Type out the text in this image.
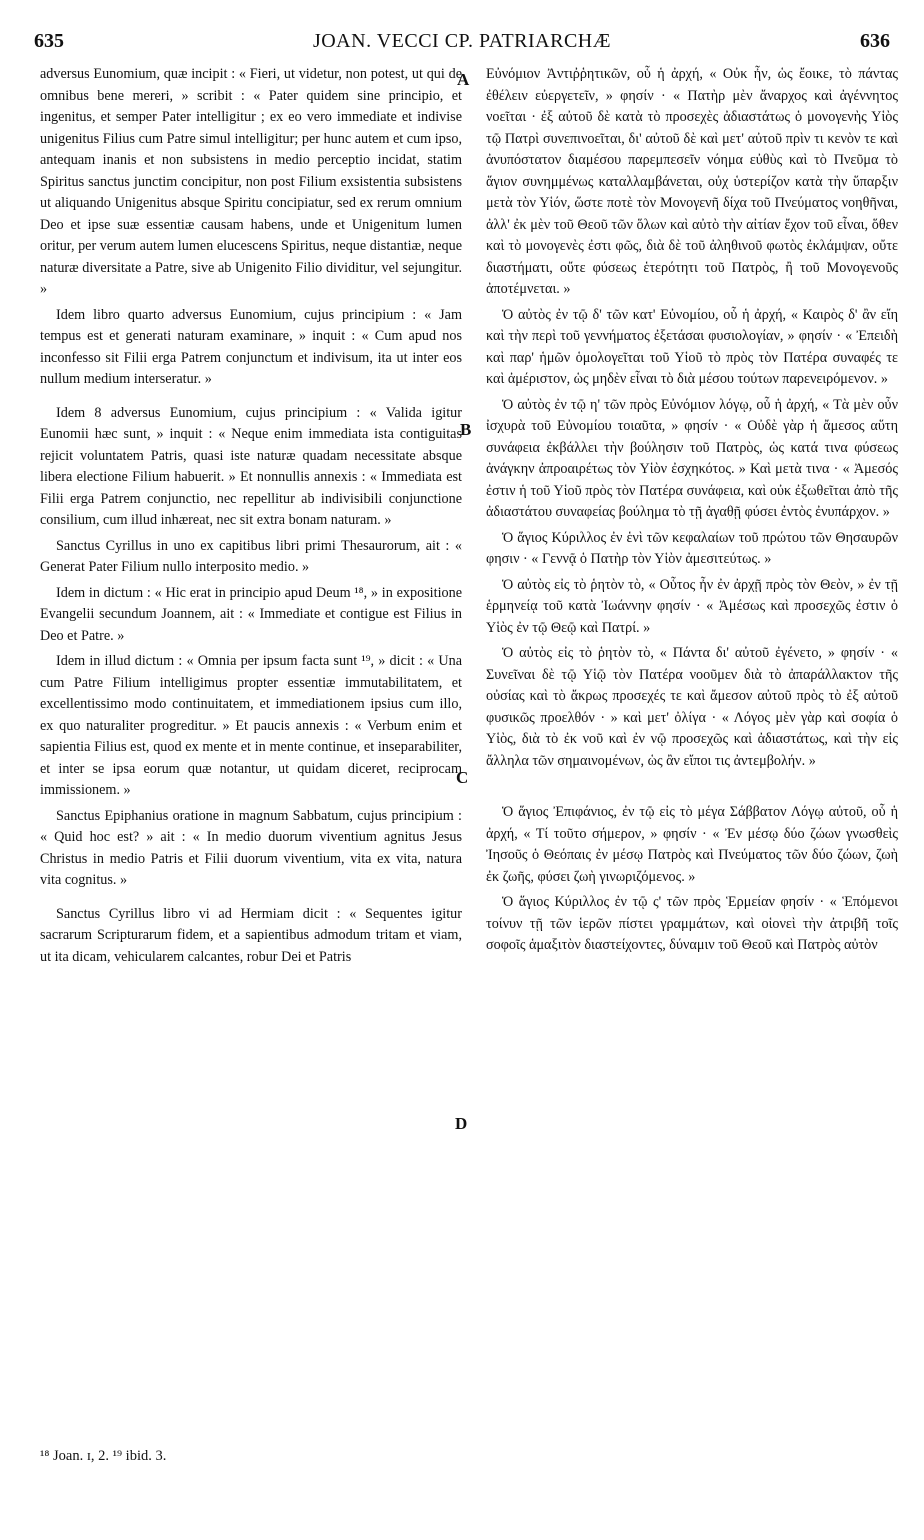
635	JOAN. VECCI CP. PATRIARCHÆ	636

adversus Eunomium, quæ incipit : « Fieri, ut videtur, non potest, ut qui de omnibus bene mereri, » scribit : « Pater quidem sine principio, et ingenitus, et semper Pater intelligitur ; ex eo vero immediate et indivise unigenitus Filius cum Patre simul intelligitur; per hunc autem et cum ipso, antequam inanis et non subsistens in medio perceptio incidat, statim Spiritus sanctus junctim concipitur, non post Filium exsistentia subsistens ut aliquando Unigenitus absque Spiritu concipiatur, sed ex rerum omnium Deo et ipse suæ essentiæ causam habens, unde et Unigenitum lumen oritur, per verum autem lumen elucescens Spiritus, neque distantiæ, neque naturæ diversitate a Patre, sive ab Unigenito Filio dividitur, vel sejungitur. »

Idem libro quarto adversus Eunomium, cujus principium : « Jam tempus est et generati naturam examinare, » inquit : « Cum apud nos inconfesso sit Filii erga Patrem conjunctum et indivisum, ita ut inter eos nullum medium interseratur. »

Idem 8 adversus Eunomium, cujus principium : « Valida igitur Eunomii hæc sunt, » inquit : « Neque enim immediata ista contiguitas rejicit voluntatem Patris, quasi iste naturæ quadam necessitate absque libera electione Filium habuerit. » Et nonnullis annexis : « Immediata est Filii erga Patrem conjunctio, nec repellitur ab indivisibili conjunctione consilium, cum illud inhæreat, nec sit extra bonam naturam. »

Sanctus Cyrillus in uno ex capitibus libri primi Thesaurorum, ait : « Generat Pater Filium nullo interposito medio. »

Idem in dictum : « Hic erat in principio apud Deum ¹⁸, » in expositione Evangelii secundum Joannem, ait : « Immediate et contigue est Filius in Deo et Patre. »

Idem in illud dictum : « Omnia per ipsum facta sunt ¹⁹, » dicit : « Una cum Patre Filium intelligimus propter essentiæ immutabilitatem, et excellentissimo modo continuitatem, et immediationem ipsius cum illo, ex quo naturaliter progreditur. » Et paucis annexis : « Verbum enim et sapientia Filius est, quod ex mente et in mente continue, et inseparabiliter, et inter se ipsa eorum quæ notantur, ut quidam diceret, reciprocam immissionem. »

Sanctus Epiphanius oratione in magnum Sabbatum, cujus principium : « Quid hoc est? » ait : « In medio duorum viventium agnitus Jesus Christus in medio Patris et Filii duorum viventium, vita ex vita, natura vita cognitus. »

Sanctus Cyrillus libro vi ad Hermiam dicit : « Sequentes igitur sacrarum Scripturarum fidem, et a sapientibus admodum tritam et viam, ut ita dicam, vehicularem calcantes, robur Dei et Patris

Εὐνόμιον Ἀντιῤῥητικῶν, οὗ ἡ ἀρχή, « Οὐκ ἦν, ὡς ἔοικε, τὸ πάντας ἐθέλειν εὐεργετεῖν, » φησίν · « Πατὴρ μὲν ἄναρχος καὶ ἀγέννητος νοεῖται · ἐξ αὐτοῦ δὲ κατὰ τὸ προσεχὲς ἀδιαστάτως ὁ μονογενὴς Υἱὸς τῷ Πατρὶ συνεπινοεῖται, δι' αὐτοῦ δὲ καὶ μετ' αὐτοῦ πρὶν τι κενὸν τε καὶ ἀνυπόστατον διαμέσου παρεμπεσεῖν νόημα εὐθὺς καὶ τὸ Πνεῦμα τὸ ἅγιον συνημμένως καταλλαμβάνεται, οὐχ ὑστερίζον κατὰ τὴν ὕπαρξιν μετὰ τὸν Υἱόν, ὥστε ποτὲ τὸν Μονογενῆ δίχα τοῦ Πνεύματος νοηθῆναι, ἀλλ' ἐκ μὲν τοῦ Θεοῦ τῶν ὅλων καὶ αὐτὸ τὴν αἰτίαν ἔχον τοῦ εἶναι, ὅθεν καὶ τὸ μονογενὲς ἐστι φῶς, διὰ δὲ τοῦ ἀληθινοῦ φωτὸς ἐκλάμψαν, οὔτε διαστήματι, οὔτε φύσεως ἑτερότητι τοῦ Πατρὸς, ἢ τοῦ Μονογενοῦς ἀποτέμνεται. »

Ὁ αὐτὸς ἐν τῷ δ' τῶν κατ' Εὐνομίου, οὗ ἡ ἀρχή, « Καιρὸς δ' ἂν εἴη καὶ τὴν περὶ τοῦ γεννήματος ἐξετάσαι φυσιολογίαν, » φησίν · « Ἐπειδὴ καὶ παρ' ἡμῶν ὁμολογεῖται τοῦ Υἱοῦ τὸ πρὸς τὸν Πατέρα συναφές τε καὶ ἀμέριστον, ὡς μηδὲν εἶναι τὸ διὰ μέσου τούτων παρενειρόμενον. »

Ὁ αὐτὸς ἐν τῷ η' τῶν πρὸς Εὐνόμιον λόγῳ, οὗ ἡ ἀρχή, « Τὰ μὲν οὖν ἰσχυρὰ τοῦ Εὐνομίου τοιαῦτα, » φησίν · « Οὐδὲ γὰρ ἡ ἄμεσος αὕτη συνάφεια ἐκβάλλει τὴν βούλησιν τοῦ Πατρὸς, ὡς κατά τινα φύσεως ἀνάγκην ἀπροαιρέτως τὸν Υἱὸν ἐσχηκότος. » Καὶ μετὰ τινα · « Ἀμεσός ἐστιν ἡ τοῦ Υἱοῦ πρὸς τὸν Πατέρα συνάφεια, καὶ οὐκ ἐξωθεῖται ἀπὸ τῆς ἀδιαστάτου συναφείας βούλημα τὸ τῇ ἀγαθῇ φύσει ἐντὸς ἐνυπάρχον. »

Ὁ ἅγιος Κύριλλος ἐν ἑνὶ τῶν κεφαλαίων τοῦ πρώτου τῶν Θησαυρῶν φησιν · « Γεννᾷ ὁ Πατὴρ τὸν Υἱὸν ἀμεσιτεύτως. »

Ὁ αὐτὸς εἰς τὸ ῥητὸν τὸ, « Οὗτος ἦν ἐν ἀρχῇ πρὸς τὸν Θεὸν, » ἐν τῇ ἑρμηνείᾳ τοῦ κατὰ Ἰωάννην φησίν · « Ἀμέσως καὶ προσεχῶς ἐστιν ὁ Υἱὸς ἐν τῷ Θεῷ καὶ Πατρί. »

Ὁ αὐτὸς εἰς τὸ ῥητὸν τὸ, « Πάντα δι' αὐτοῦ ἐγένετο, » φησίν · « Συνεῖναι δὲ τῷ Υἱῷ τὸν Πατέρα νοοῦμεν διὰ τὸ ἀπαράλλακτον τῆς οὐσίας καὶ τὸ ἄκρως προσεχές τε καὶ ἄμεσον αὐτοῦ πρὸς τὸ ἐξ αὐτοῦ φυσικῶς προελθόν · » καὶ μετ' ὀλίγα · « Λόγος μὲν γὰρ καὶ σοφία ὁ Υἱὸς, διὰ τὸ ἐκ νοῦ καὶ ἐν νῷ προσεχῶς καὶ ἀδιαστάτως, καὶ τὴν εἰς ἄλληλα τῶν σημαινομένων, ὡς ἂν εἴποι τις ἀντεμβολήν. »

Ὁ ἅγιος Ἐπιφάνιος, ἐν τῷ εἰς τὸ μέγα Σάββατον Λόγῳ αὐτοῦ, οὗ ἡ ἀρχή, « Τί τοῦτο σήμερον, » φησίν · « Ἐν μέσῳ δύο ζώων γνωσθεὶς Ἰησοῦς ὁ Θεόπαις ἐν μέσῳ Πατρὸς καὶ Πνεύματος τῶν δύο ζώων, ζωὴ ἐκ ζωῆς, φύσει ζωὴ γινωριζόμενος. »

Ὁ ἅγιος Κύριλλος ἐν τῷ ς' τῶν πρὸς Ἑρμείαν φησίν · « Ἑπόμενοι τοίνυν τῇ τῶν ἱερῶν πίστει γραμμάτων, καὶ οἱονεὶ τὴν ἀτριβῆ τοῖς σοφοῖς ἁμαξιτὸν διαστείχοντες, δύναμιν τοῦ Θεοῦ καὶ Πατρὸς αὐτὸν

A
B
C
D
¹⁸ Joan. ɪ, 2. ¹⁹ ibid. 3.
